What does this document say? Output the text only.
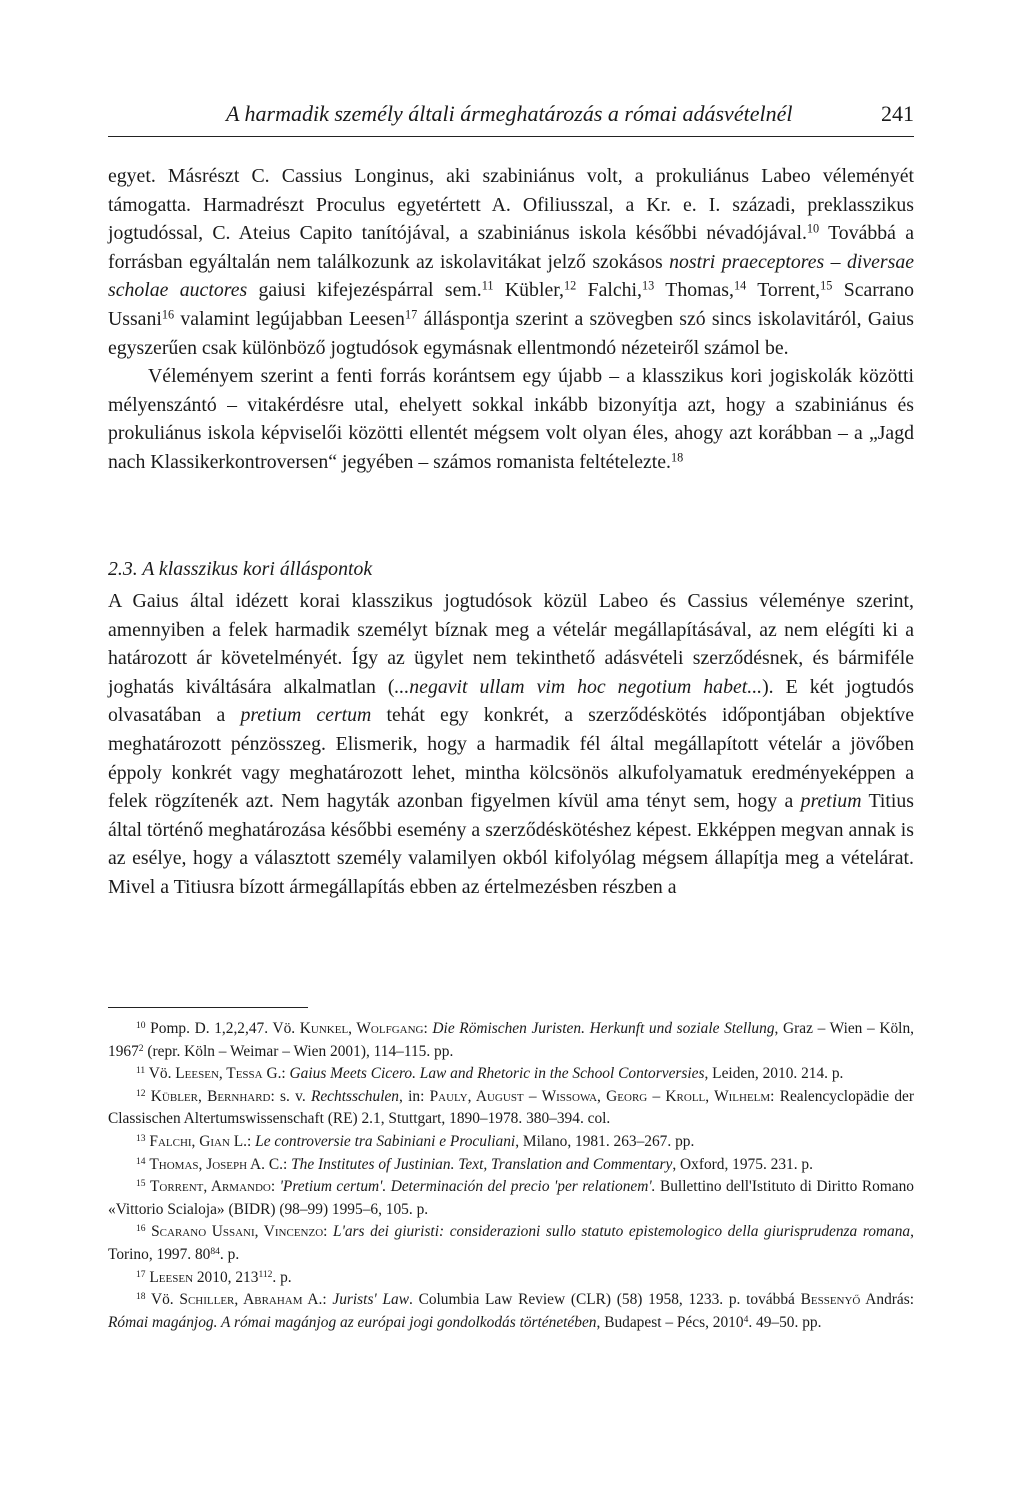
A harmadik személy általi ármeghatározás a római adásvételnél	241

egyet. Másrészt C. Cassius Longinus, aki szabiniánus volt, a prokuliánus Labeo véleményét támogatta. Harmadrészt Proculus egyetértett A. Ofiliusszal, a Kr. e. I. századi, preklasszikus jogtudóssal, C. Ateius Capito tanítójával, a szabiniánus iskola későbbi névadójával.$^{10}$ Továbbá a forrásban egyáltalán nem találkozunk az iskolavitákat jelző szokásos nostri praeceptores – diversae scholae auctores gaiusi kifejezéspárral sem.$^{11}$ Kübler,$^{12}$ Falchi,$^{13}$ Thomas,$^{14}$ Torrent,$^{15}$ Scarrano Ussani$^{16}$ valamint legújabban Leesen$^{17}$ álláspontja szerint a szövegben szó sincs iskolavitáról, Gaius egyszerűen csak különböző jogtudósok egymásnak ellentmondó nézeteiről számol be.

Véleményem szerint a fenti forrás korántsem egy újabb – a klasszikus kori jogiskolák közötti mélyenszántó – vitakérdésre utal, ehelyett sokkal inkább bizonyítja azt, hogy a szabiniánus és prokuliánus iskola képviselői közötti ellentét mégsem volt olyan éles, ahogy azt korábban – a „Jagd nach Klassikerkontroversen“ jegyében – számos romanista feltételezte.$^{18}$

2.3. A klasszikus kori álláspontok

A Gaius által idézett korai klasszikus jogtudósok közül Labeo és Cassius véleménye szerint, amennyiben a felek harmadik személyt bíznak meg a vételár megállapításával, az nem elégíti ki a határozott ár követelményét. Így az ügylet nem tekinthető adásvételi szerződésnek, és bármiféle joghatás kiváltására alkalmatlan (...negavit ullam vim hoc negotium habet...). E két jogtudós olvasatában a pretium certum tehát egy konkrét, a szerződéskötés időpontjában objektíve meghatározott pénzösszeg. Elismerik, hogy a harmadik fél által megállapított vételár a jövőben éppoly konkrét vagy meghatározott lehet, mintha kölcsönös alkufolyamatuk eredményeképpen a felek rögzítenék azt. Nem hagyták azonban figyelmen kívül ama tényt sem, hogy a pretium Titius által történő meghatározása későbbi esemény a szerződéskötéshez képest. Ekképpen megvan annak is az esélye, hogy a választott személy valamilyen okból kifolyólag mégsem állapítja meg a vételárat. Mivel a Titiusra bízott ármegállapítás ebben az értelmezésben részben a

$^{10}$ Pomp. D. 1,2,2,47. Vö. Kunkel, Wolfgang: Die Römischen Juristen. Herkunft und soziale Stellung, Graz – Wien – Köln, 1967$^2$ (repr. Köln – Weimar – Wien 2001), 114–115. pp.

$^{11}$ Vö. Leesen, Tessa G.: Gaius Meets Cicero. Law and Rhetoric in the School Contorversies, Leiden, 2010. 214. p.

$^{12}$ Kübler, Bernhard: s. v. Rechtsschulen, in: Pauly, August – Wissowa, Georg – Kroll, Wilhelm: Realencyclopädie der Classischen Altertumswissenschaft (RE) 2.1, Stuttgart, 1890–1978. 380–394. col.

$^{13}$ Falchi, Gian L.: Le controversie tra Sabiniani e Proculiani, Milano, 1981. 263–267. pp.

$^{14}$ Thomas, Joseph A. C.: The Institutes of Justinian. Text, Translation and Commentary, Oxford, 1975. 231. p.

$^{15}$ Torrent, Armando: 'Pretium certum'. Determinación del precio 'per relationem'. Bullettino dell'Istituto di Diritto Romano «Vittorio Scialoja» (BIDR) (98–99) 1995–6, 105. p.

$^{16}$ Scarano Ussani, Vincenzo: L'ars dei giuristi: considerazioni sullo statuto epistemologico della giurisprudenza romana, Torino, 1997. $80^{84}$. p.

$^{17}$ Leesen 2010, $213^{112}$. p.

$^{18}$ Vö. Schiller, Abraham A.: Jurists' Law. Columbia Law Review (CLR) (58) 1958, 1233. p. továbbá Bessenyő András: Római magánjog. A római magánjog az európai jogi gondolkodás történetében, Budapest – Pécs, 2010$^4$. 49–50. pp.
